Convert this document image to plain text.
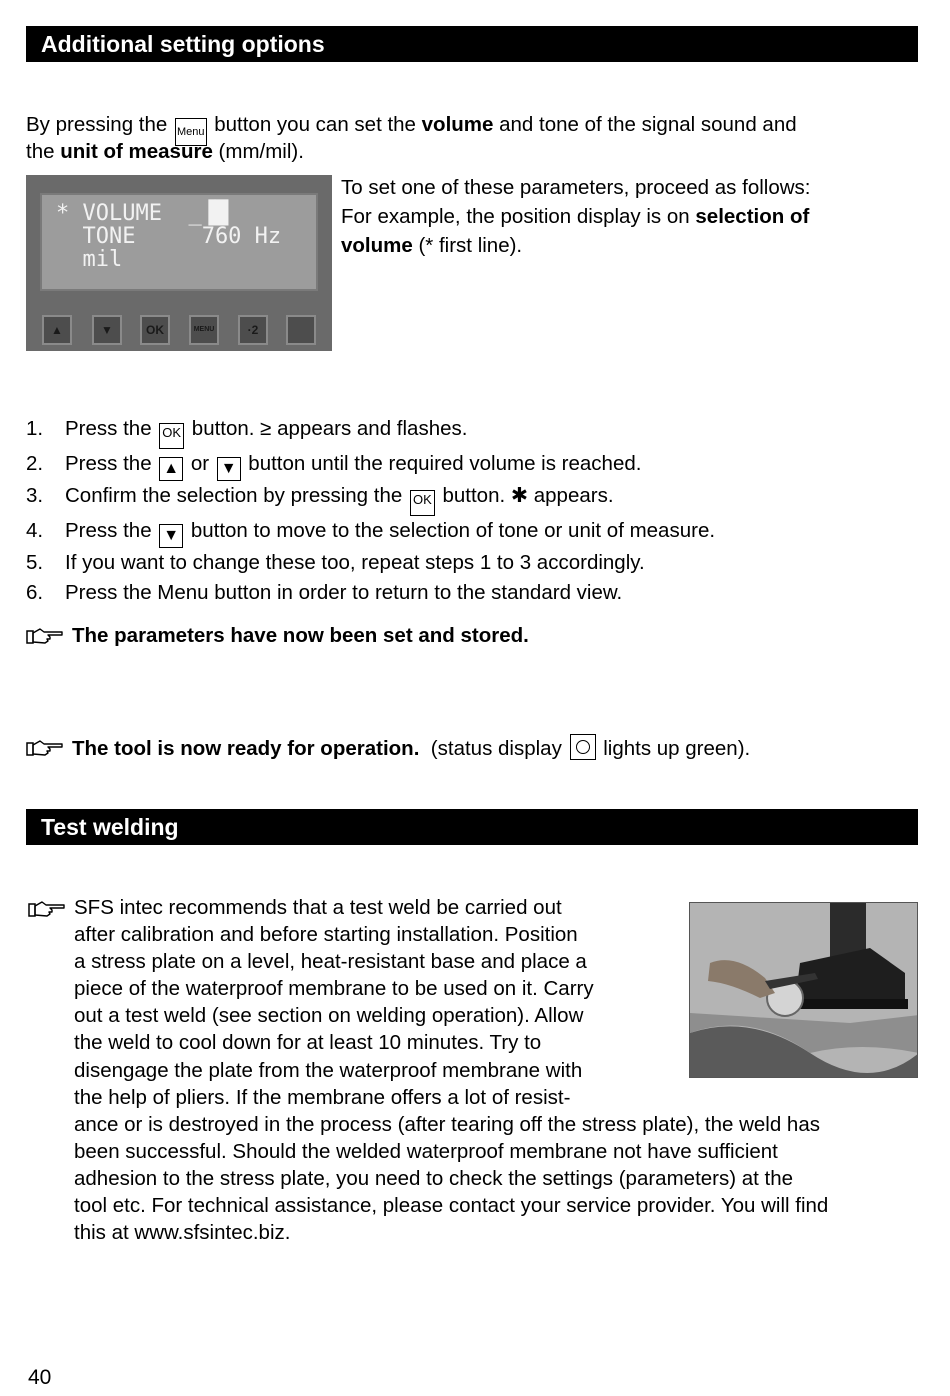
Additional setting options
By pressing the Menu button you can set the volume and tone of the signal sound and
the unit of measure (mm/mil).
* VOLUME  _▐█
TONE     760 Hz
mil
▲	▼	OK	MENU	·2
To set one of these parameters, proceed as follows:
For example, the position display is on selection of
volume (* first line).
1. Press the OK button. ≥ appears and flashes.
2. Press the ▲ or ▼ button until the required volume is reached.
3. Confirm the selection by pressing the OK button. ✱ appears.
4. Press the ▼ button to move to the selection of tone or unit of measure.
5. If you want to change these too, repeat steps 1 to 3 accordingly.
6. Press the Menu button in order to return to the standard view.
The parameters have now been set and stored.
The tool is now ready for operation. (status display  lights up green).
Test welding
SFS intec recommends that a test weld be carried out
after calibration and before starting installation. Position
a stress plate on a level, heat-resistant base and place a
piece of the waterproof membrane to be used on it. Carry
out a test weld (see section on welding operation). Allow
the weld to cool down for at least 10 minutes. Try to
disengage the plate from the waterproof membrane with
the help of pliers. If the membrane offers a lot of resist-
ance or is destroyed in the process (after tearing off the stress plate), the weld has
been successful. Should the welded waterproof membrane not have sufficient
adhesion to the stress plate, you need to check the settings (parameters) at the
tool etc. For technical assistance, please contact your service provider. You will find
this at www.sfsintec.biz.
40
